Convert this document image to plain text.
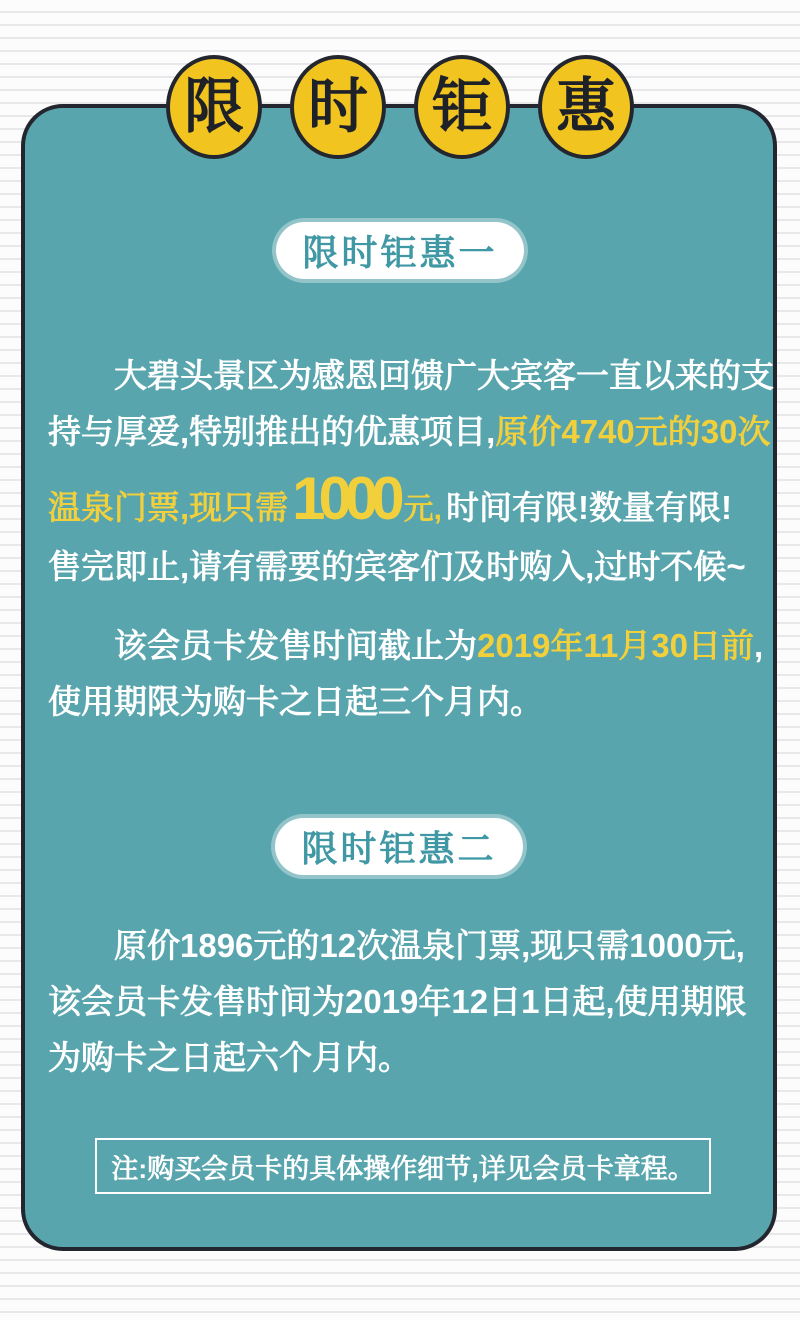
限 时 钜 惠
限时钜惠一
大碧头景区为感恩回馈广大宾客一直以来的支
持与厚爱,特别推出的优惠项目,原价4740元的30次
温泉门票,现只需1000 元, 时间有限!数量有限!
售完即止,请有需要的宾客们及时购入,过时不候~
该会员卡发售时间截止为2019年11月30日前,
使用期限为购卡之日起三个月内。
限时钜惠二
原价1896元的12次温泉门票,现只需1000元,
该会员卡发售时间为2019年12日1日起,使用期限
为购卡之日起六个月内。
注:购买会员卡的具体操作细节,详见会员卡章程。
